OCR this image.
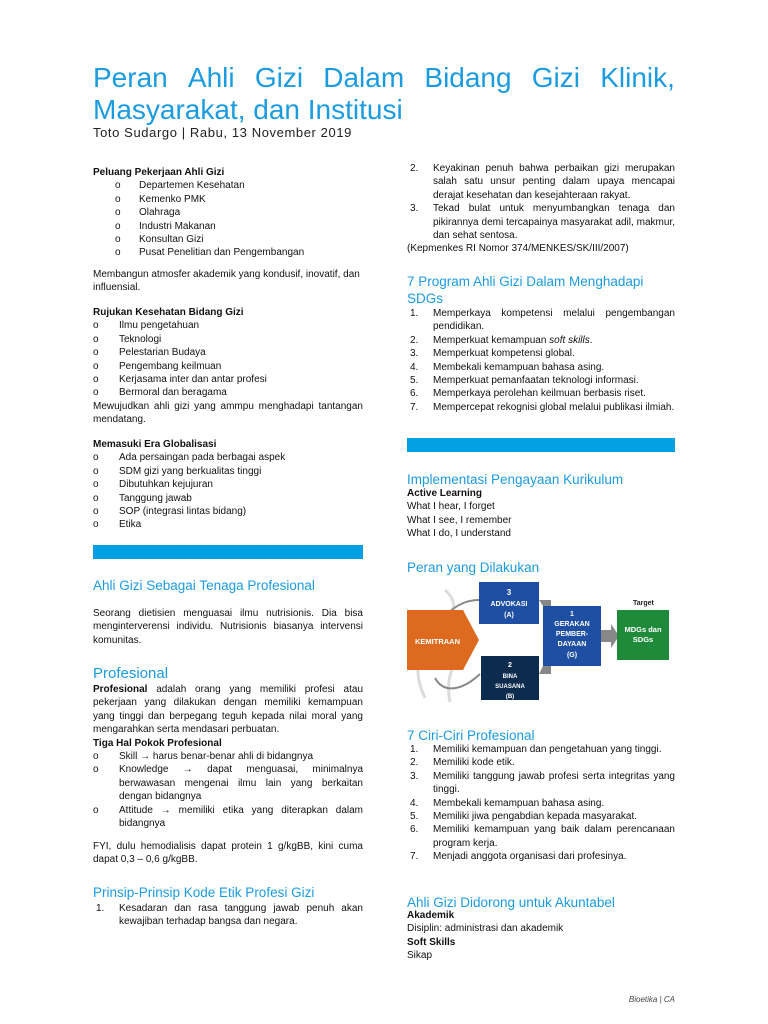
Peran Ahli Gizi Dalam Bidang Gizi Klinik,
Masyarakat, dan Institusi
Toto Sudargo | Rabu, 13 November 2019
Peluang Pekerjaan Ahli Gizi
o Departemen Kesehatan
o Kemenko PMK
o Olahraga
o Industri Makanan
o Konsultan Gizi
o Pusat Penelitian dan Pengembangan
Membangun atmosfer akademik yang kondusif, inovatif, dan influensial.
Rujukan Kesehatan Bidang Gizi
o Ilmu pengetahuan
o Teknologi
o Pelestarian Budaya
o Pengembang keilmuan
o Kerjasama inter dan antar profesi
o Bermoral dan beragama
Mewujudkan ahli gizi yang ammpu menghadapi tantangan mendatang.
Memasuki Era Globalisasi
o Ada persaingan pada berbagai aspek
o SDM gizi yang berkualitas tinggi
o Dibutuhkan kejujuran
o Tanggung jawab
o SOP (integrasi lintas bidang)
o Etika
Ahli Gizi Sebagai Tenaga Profesional
Seorang dietisien menguasai ilmu nutrisionis. Dia bisa menginterverensi individu. Nutrisionis biasanya intervensi komunitas.
Profesional
Profesional adalah orang yang memiliki profesi atau pekerjaan yang dilakukan dengan memiliki kemampuan yang tinggi dan berpegang teguh kepada nilai moral yang mengarahkan serta mendasari perbuatan.
Tiga Hal Pokok Profesional
o Skill → harus benar-benar ahli di bidangnya
o Knowledge → dapat menguasai, minimalnya berwawasan mengenai ilmu lain yang berkaitan dengan bidangnya
o Attitude → memiliki etika yang diterapkan dalam bidangnya
FYI, dulu hemodialisis dapat protein 1 g/kgBB, kini cuma dapat 0,3 – 0,6 g/kgBB.
Prinsip-Prinsip Kode Etik Profesi Gizi
1. Kesadaran dan rasa tanggung jawab penuh akan kewajiban terhadap bangsa dan negara.
2. Keyakinan penuh bahwa perbaikan gizi merupakan salah satu unsur penting dalam upaya mencapai derajat kesehatan dan kesejahteraan rakyat.
3. Tekad bulat untuk menyumbangkan tenaga dan pikirannya demi tercapainya masyarakat adil, makmur, dan sehat sentosa.
(Kepmenkes RI Nomor 374/MENKES/SK/III/2007)
7 Program Ahli Gizi Dalam Menghadapi SDGs
1. Memperkaya kompetensi melalui pengembangan pendidikan.
2. Memperkuat kemampuan soft skills.
3. Memperkuat kompetensi global.
4. Membekali kemampuan bahasa asing.
5. Memperkuat pemanfaatan teknologi informasi.
6. Memperkaya perolehan keilmuan berbasis riset.
7. Mempercepat rekognisi global melalui publikasi ilmiah.
Implementasi Pengayaan Kurikulum
Active Learning
What I hear, I forget
What I see, I remember
What I do, I understand
Peran yang Dilakukan
Target
KEMITRAAN
3
ADVOKASI
(A)	1
GERAKAN
PEMBER-
DAYAAN
(G)
2
BINA
SUASANA
(B)
MDGs dan
SDGs
7 Ciri-Ciri Profesional
1. Memiliki kemampuan dan pengetahuan yang tinggi.
2. Memiliki kode etik.
3. Memiliki tanggung jawab profesi serta integritas yang tinggi.
4. Membekali kemampuan bahasa asing.
5. Memiliki jiwa pengabdian kepada masyarakat.
6. Memiliki kemampuan yang baik dalam perencanaan program kerja.
7. Menjadi anggota organisasi dari profesinya.
Ahli Gizi Didorong untuk Akuntabel
Akademik
Disiplin: administrasi dan akademik
Soft Skills
Sikap
Bioetika | CA
